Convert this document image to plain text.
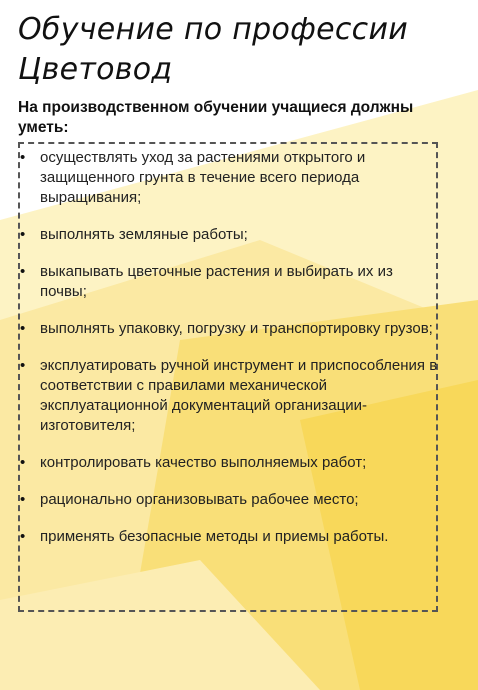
Обучение по профессии Цветовод
На производственном обучении учащиеся должны уметь:
• осуществлять уход за растениями открытого и защищенного грунта в течение всего периода выращивания;
• выполнять земляные работы;
• выкапывать цветочные растения и выбирать их из почвы;
• выполнять упаковку, погрузку и транспортировку грузов;
• эксплуатировать ручной инструмент и приспособления в соответствии с правилами механической эксплуатационной документаций организации-изготовителя;
• контролировать качество выполняемых работ;
• рационально организовывать рабочее место;
• применять безопасные методы и приемы работы.
